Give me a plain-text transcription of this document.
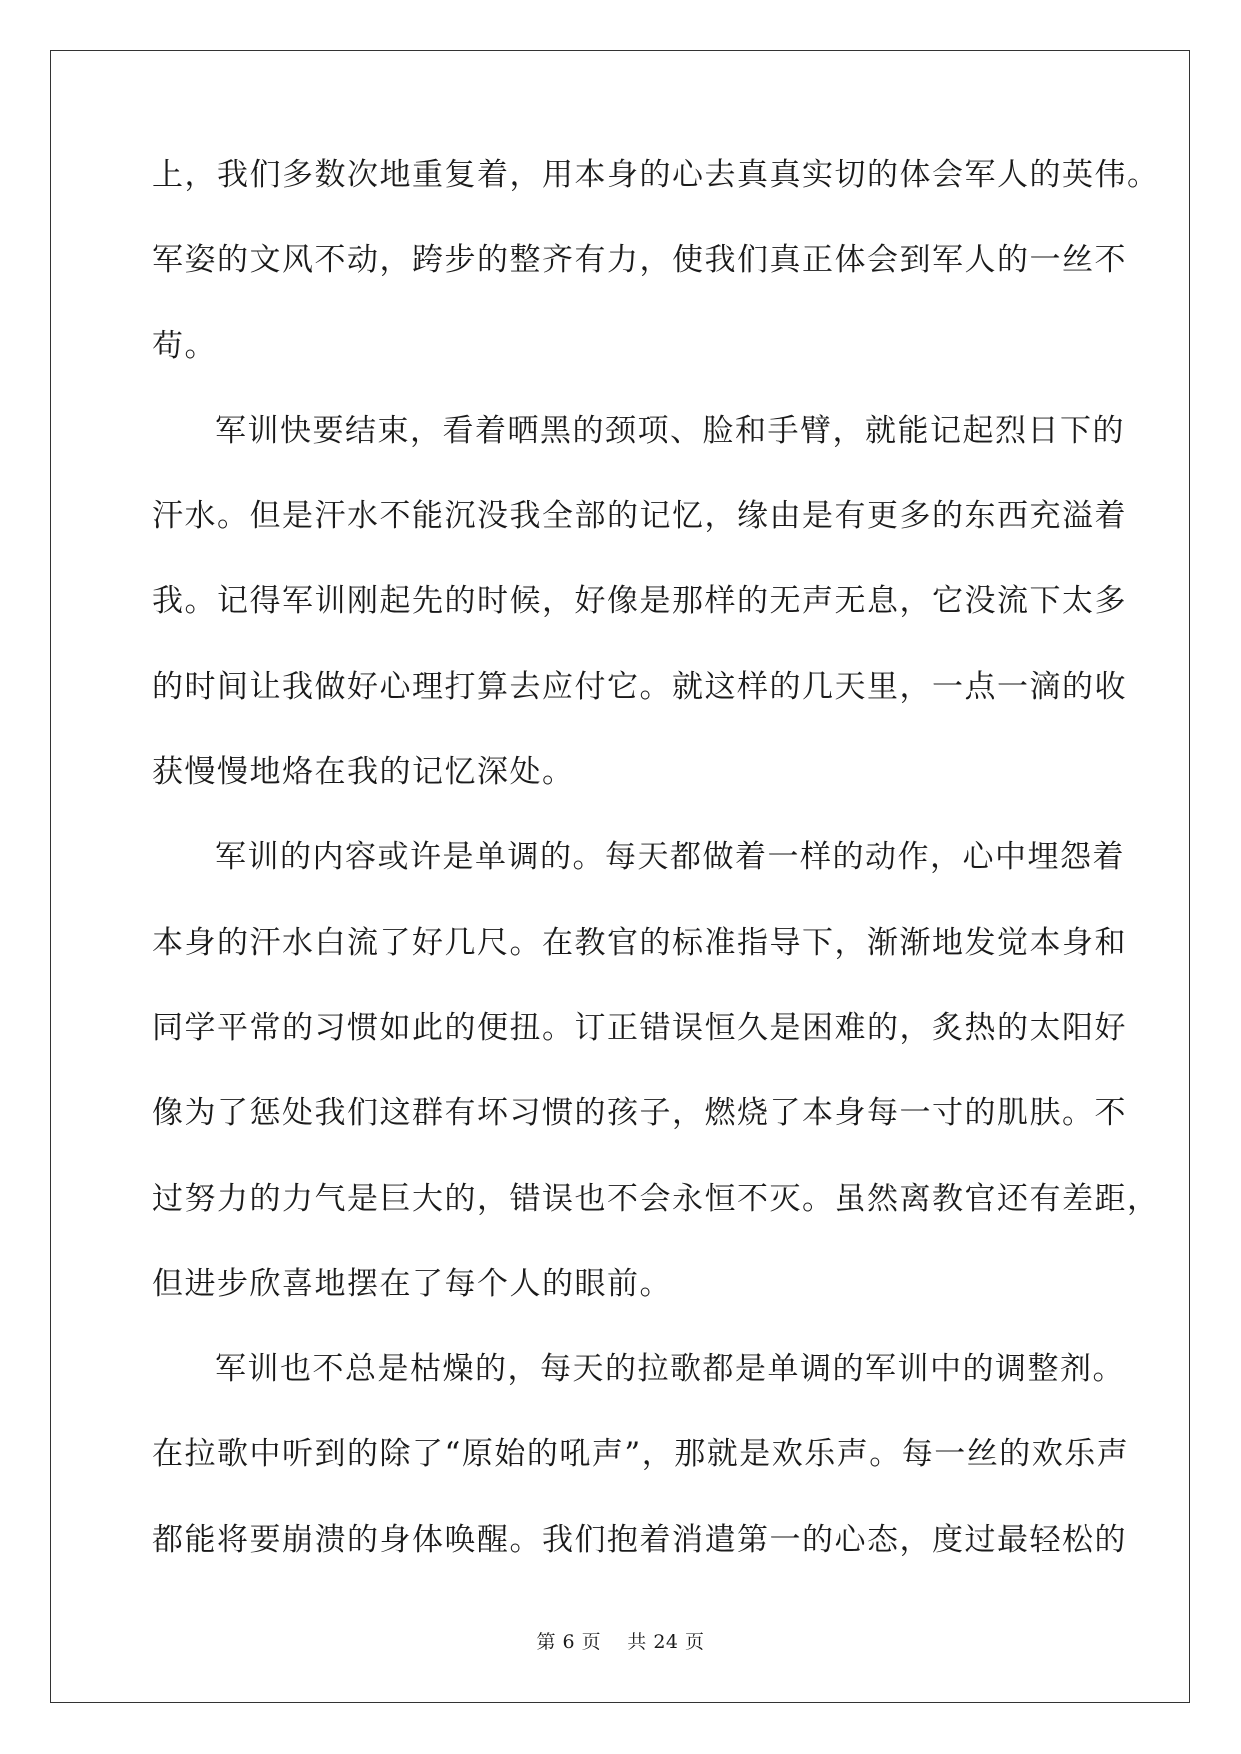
上，我们多数次地重复着，用本身的心去真真实切的体会军人的英伟。
军姿的文风不动，跨步的整齐有力，使我们真正体会到军人的一丝不
苟。
军训快要结束，看着晒黑的颈项、脸和手臂，就能记起烈日下的
汗水。但是汗水不能沉没我全部的记忆，缘由是有更多的东西充溢着
我。记得军训刚起先的时候，好像是那样的无声无息，它没流下太多
的时间让我做好心理打算去应付它。就这样的几天里，一点一滴的收
获慢慢地烙在我的记忆深处。
军训的内容或许是单调的。每天都做着一样的动作，心中埋怨着
本身的汗水白流了好几尺。在教官的标准指导下，渐渐地发觉本身和
同学平常的习惯如此的便扭。订正错误恒久是困难的，炙热的太阳好
像为了惩处我们这群有坏习惯的孩子，燃烧了本身每一寸的肌肤。不
过努力的力气是巨大的，错误也不会永恒不灭。虽然离教官还有差距，
但进步欣喜地摆在了每个人的眼前。
军训也不总是枯燥的，每天的拉歌都是单调的军训中的调整剂。
在拉歌中听到的除了“原始的吼声”，那就是欢乐声。每一丝的欢乐声
都能将要崩溃的身体唤醒。我们抱着消遣第一的心态，度过最轻松的
第 6 页 共 24 页
